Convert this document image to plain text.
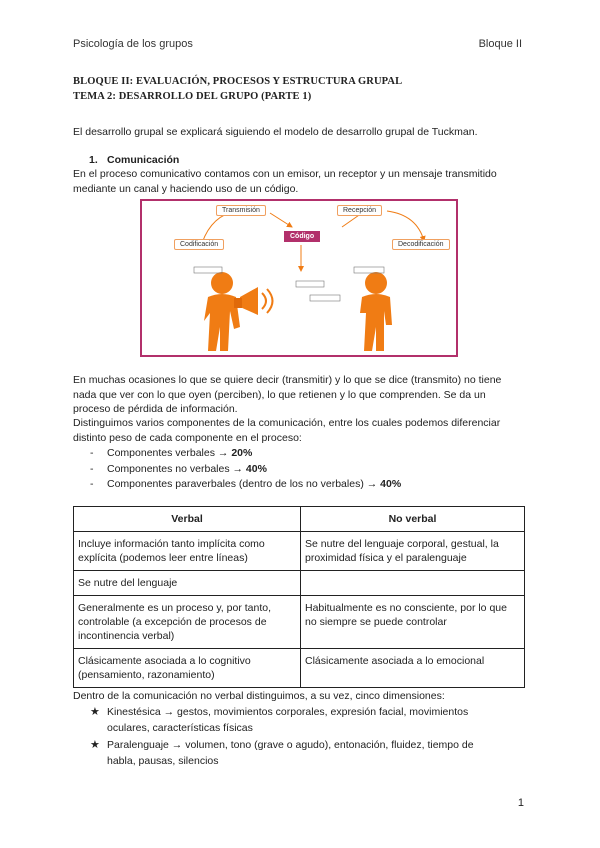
Psicología de los grupos	Bloque II
BLOQUE II: EVALUACIÓN, PROCESOS Y ESTRUCTURA GRUPAL
TEMA 2: DESARROLLO DEL GRUPO (PARTE 1)
El desarrollo grupal se explicará siguiendo el modelo de desarrollo grupal de Tuckman.
1. Comunicación
En el proceso comunicativo contamos con un emisor, un receptor y un mensaje transmitido
mediante un canal y haciendo uso de un código.
Transmisión	Recepción
Código
Codificación	Decodificación
En muchas ocasiones lo que se quiere decir (transmitir) y lo que se dice (transmito) no tiene
nada que ver con lo que oyen (perciben), lo que retienen y lo que comprenden. Se da un
proceso de pérdida de información.
Distinguimos varios componentes de la comunicación, entre los cuales podemos diferenciar
distinto peso de cada componente en el proceso:
- Componentes verbales → 20%
- Componentes no verbales → 40%
- Componentes paraverbales (dentro de los no verbales) → 40%
Verbal	No verbal
Incluye información tanto implícita como explícita (podemos leer entre líneas)	Se nutre del lenguaje corporal, gestual, la proximidad física y el paralenguaje
Se nutre del lenguaje	
Generalmente es un proceso y, por tanto, controlable (a excepción de procesos de incontinencia verbal)	Habitualmente es no consciente, por lo que no siempre se puede controlar
Clásicamente asociada a lo cognitivo (pensamiento, razonamiento)	Clásicamente asociada a lo emocional
Dentro de la comunicación no verbal distinguimos, a su vez, cinco dimensiones:
★ Kinestésica → gestos, movimientos corporales, expresión facial, movimientos
oculares, características físicas
★ Paralenguaje → volumen, tono (grave o agudo), entonación, fluidez, tiempo de
habla, pausas, silencios
1
